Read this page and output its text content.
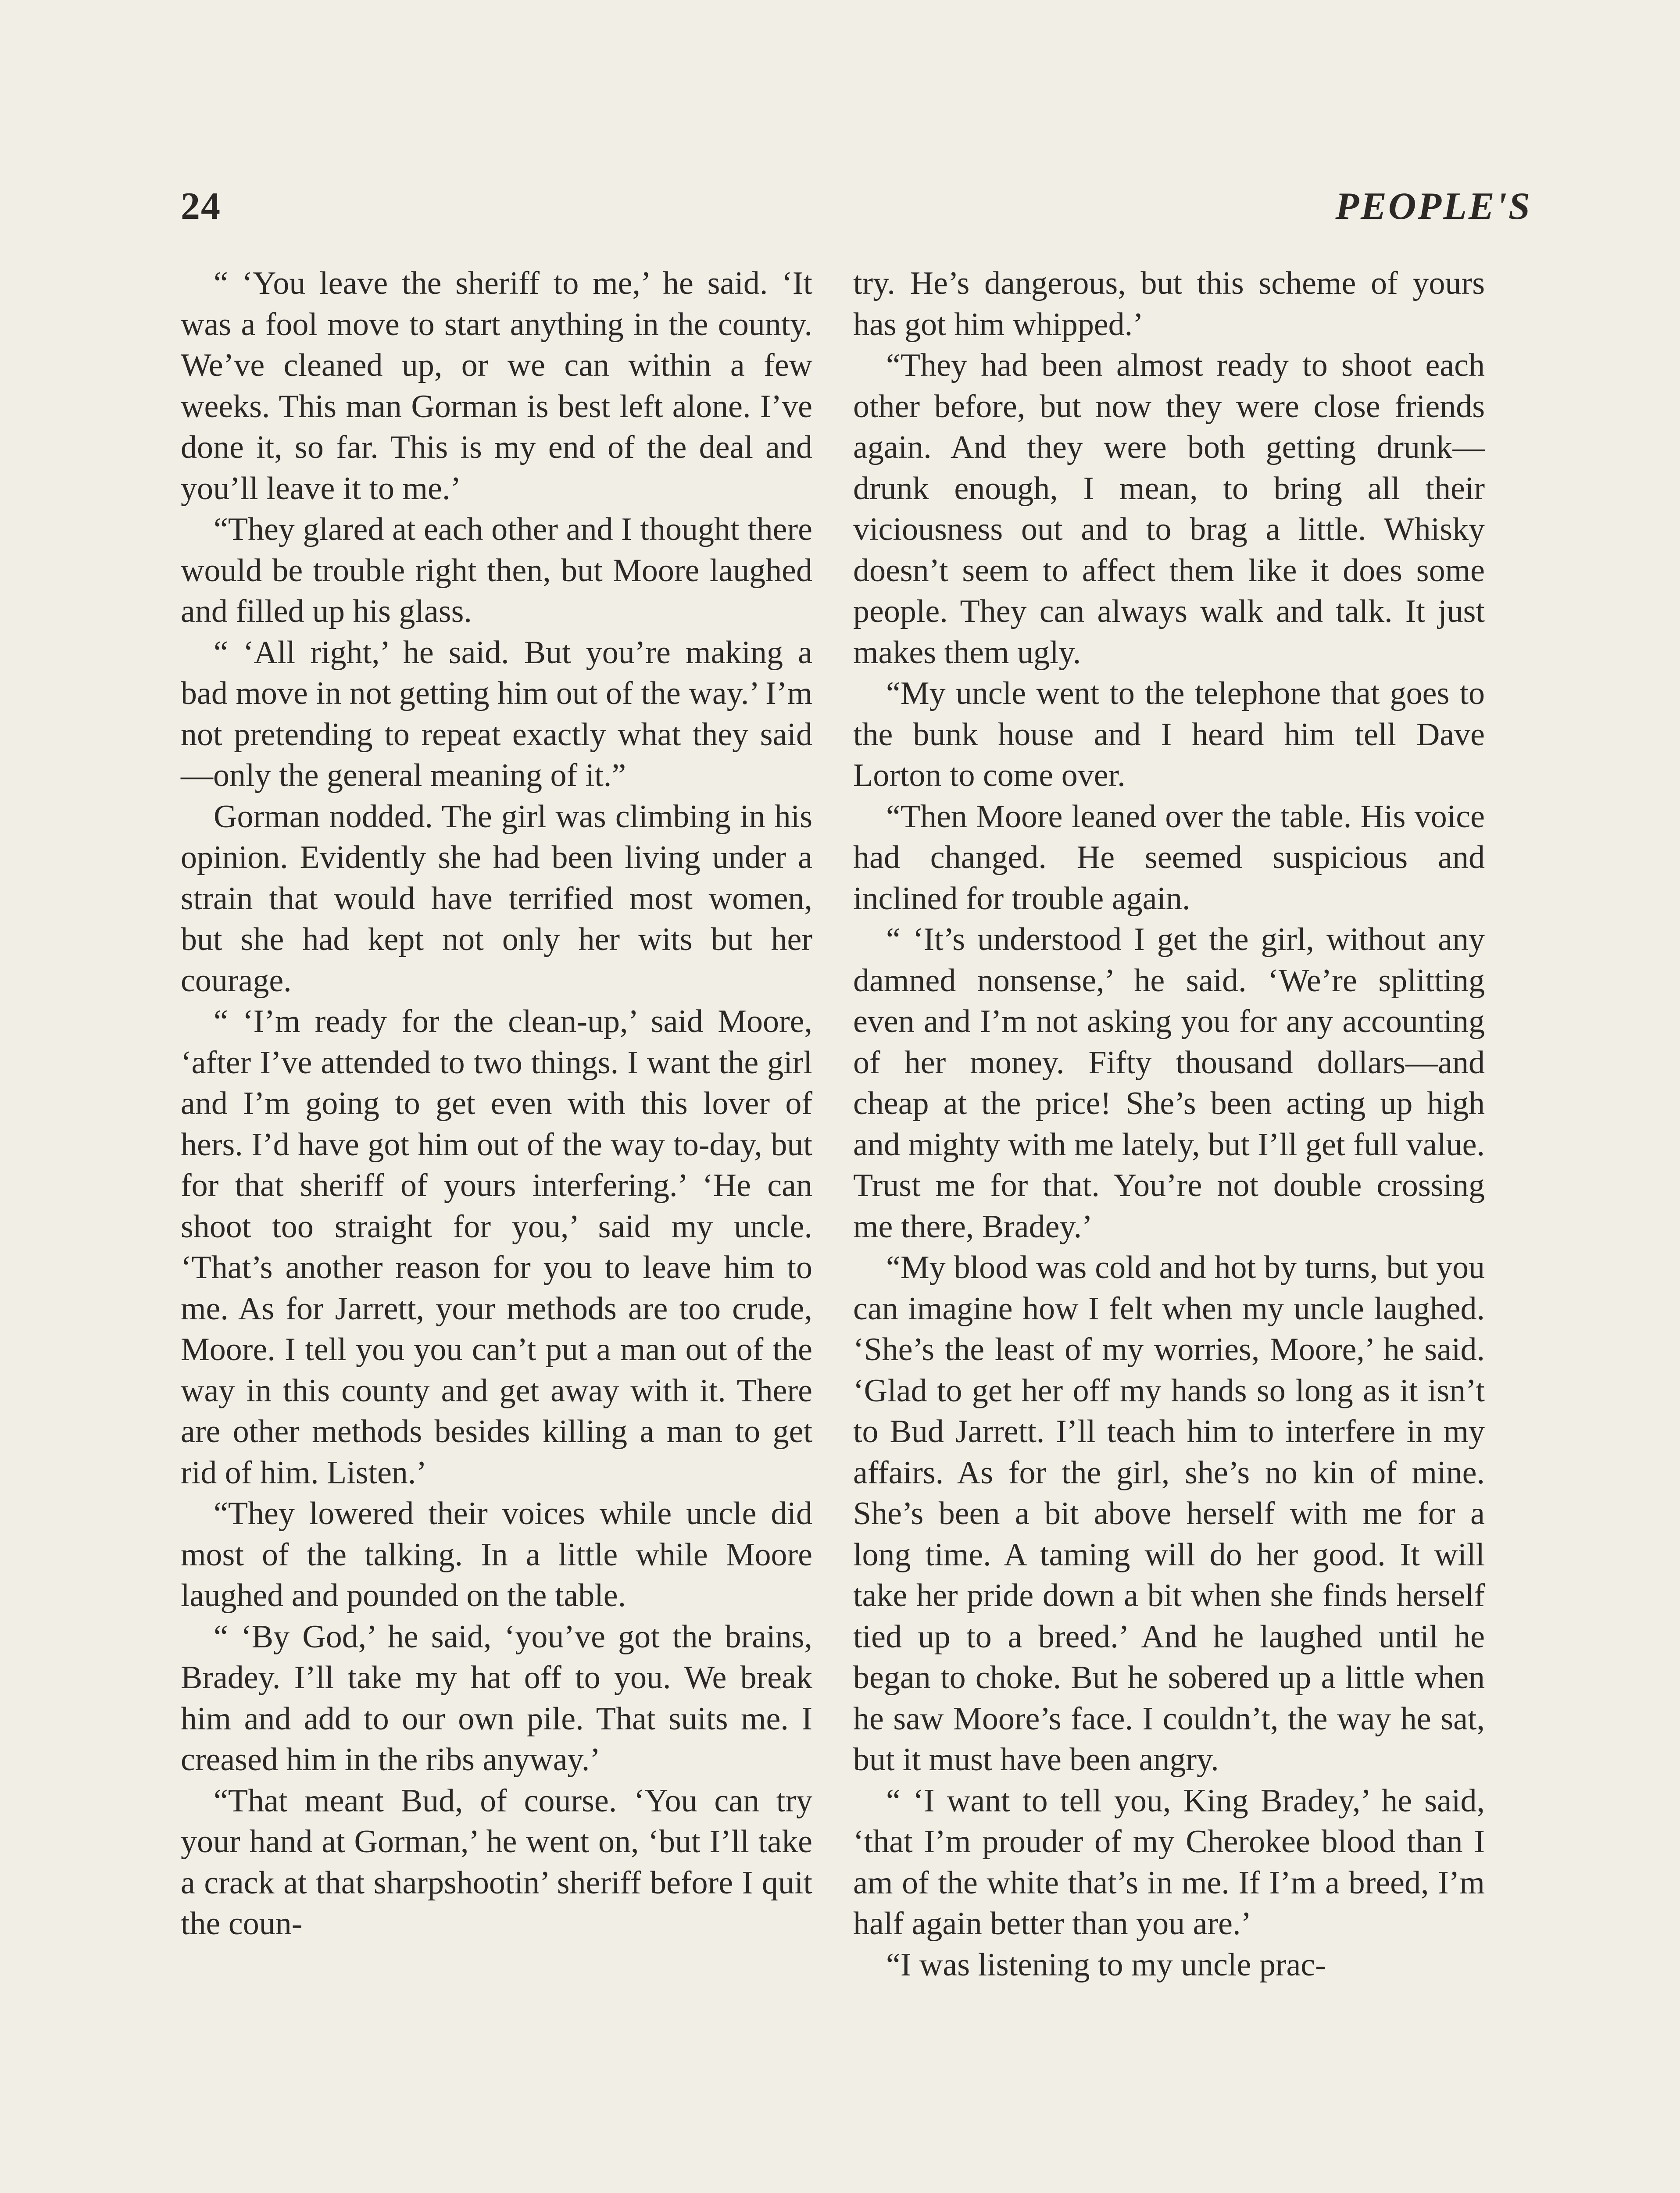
24	PEOPLE'S

“ ‘You leave the sheriff to me,’ he said. ‘It was a fool move to start anything in the county. We’ve cleaned up, or we can within a few weeks. This man Gorman is best left alone. I’ve done it, so far. This is my end of the deal and you’ll leave it to me.’

“They glared at each other and I thought there would be trouble right then, but Moore laughed and filled up his glass.

“ ‘All right,’ he said. But you’re making a bad move in not getting him out of the way.’ I’m not pretending to repeat exactly what they said—only the general meaning of it.”

Gorman nodded. The girl was climbing in his opinion. Evidently she had been living under a strain that would have terrified most women, but she had kept not only her wits but her courage.

“ ‘I’m ready for the clean-up,’ said Moore, ‘after I’ve attended to two things. I want the girl and I’m going to get even with this lover of hers. I’d have got him out of the way to-day, but for that sheriff of yours interfering.’ ‘He can shoot too straight for you,’ said my uncle. ‘That’s another reason for you to leave him to me. As for Jarrett, your methods are too crude, Moore. I tell you you can’t put a man out of the way in this county and get away with it. There are other methods besides killing a man to get rid of him. Listen.’

“They lowered their voices while uncle did most of the talking. In a little while Moore laughed and pounded on the table.

“ ‘By God,’ he said, ‘you’ve got the brains, Bradey. I’ll take my hat off to you. We break him and add to our own pile. That suits me. I creased him in the ribs anyway.’

“That meant Bud, of course. ‘You can try your hand at Gorman,’ he went on, ‘but I’ll take a crack at that sharpshootin’ sheriff before I quit the coun-

try. He’s dangerous, but this scheme of yours has got him whipped.’

“They had been almost ready to shoot each other before, but now they were close friends again. And they were both getting drunk—drunk enough, I mean, to bring all their viciousness out and to brag a little. Whisky doesn’t seem to affect them like it does some people. They can always walk and talk. It just makes them ugly.

“My uncle went to the telephone that goes to the bunk house and I heard him tell Dave Lorton to come over.

“Then Moore leaned over the table. His voice had changed. He seemed suspicious and inclined for trouble again.

“ ‘It’s understood I get the girl, without any damned nonsense,’ he said. ‘We’re splitting even and I’m not asking you for any accounting of her money. Fifty thousand dollars—and cheap at the price! She’s been acting up high and mighty with me lately, but I’ll get full value. Trust me for that. You’re not double crossing me there, Bradey.’

“My blood was cold and hot by turns, but you can imagine how I felt when my uncle laughed. ‘She’s the least of my worries, Moore,’ he said. ‘Glad to get her off my hands so long as it isn’t to Bud Jarrett. I’ll teach him to interfere in my affairs. As for the girl, she’s no kin of mine. She’s been a bit above herself with me for a long time. A taming will do her good. It will take her pride down a bit when she finds herself tied up to a breed.’ And he laughed until he began to choke. But he sobered up a little when he saw Moore’s face. I couldn’t, the way he sat, but it must have been angry.

“ ‘I want to tell you, King Bradey,’ he said, ‘that I’m prouder of my Cherokee blood than I am of the white that’s in me. If I’m a breed, I’m half again better than you are.’

“I was listening to my uncle prac-
